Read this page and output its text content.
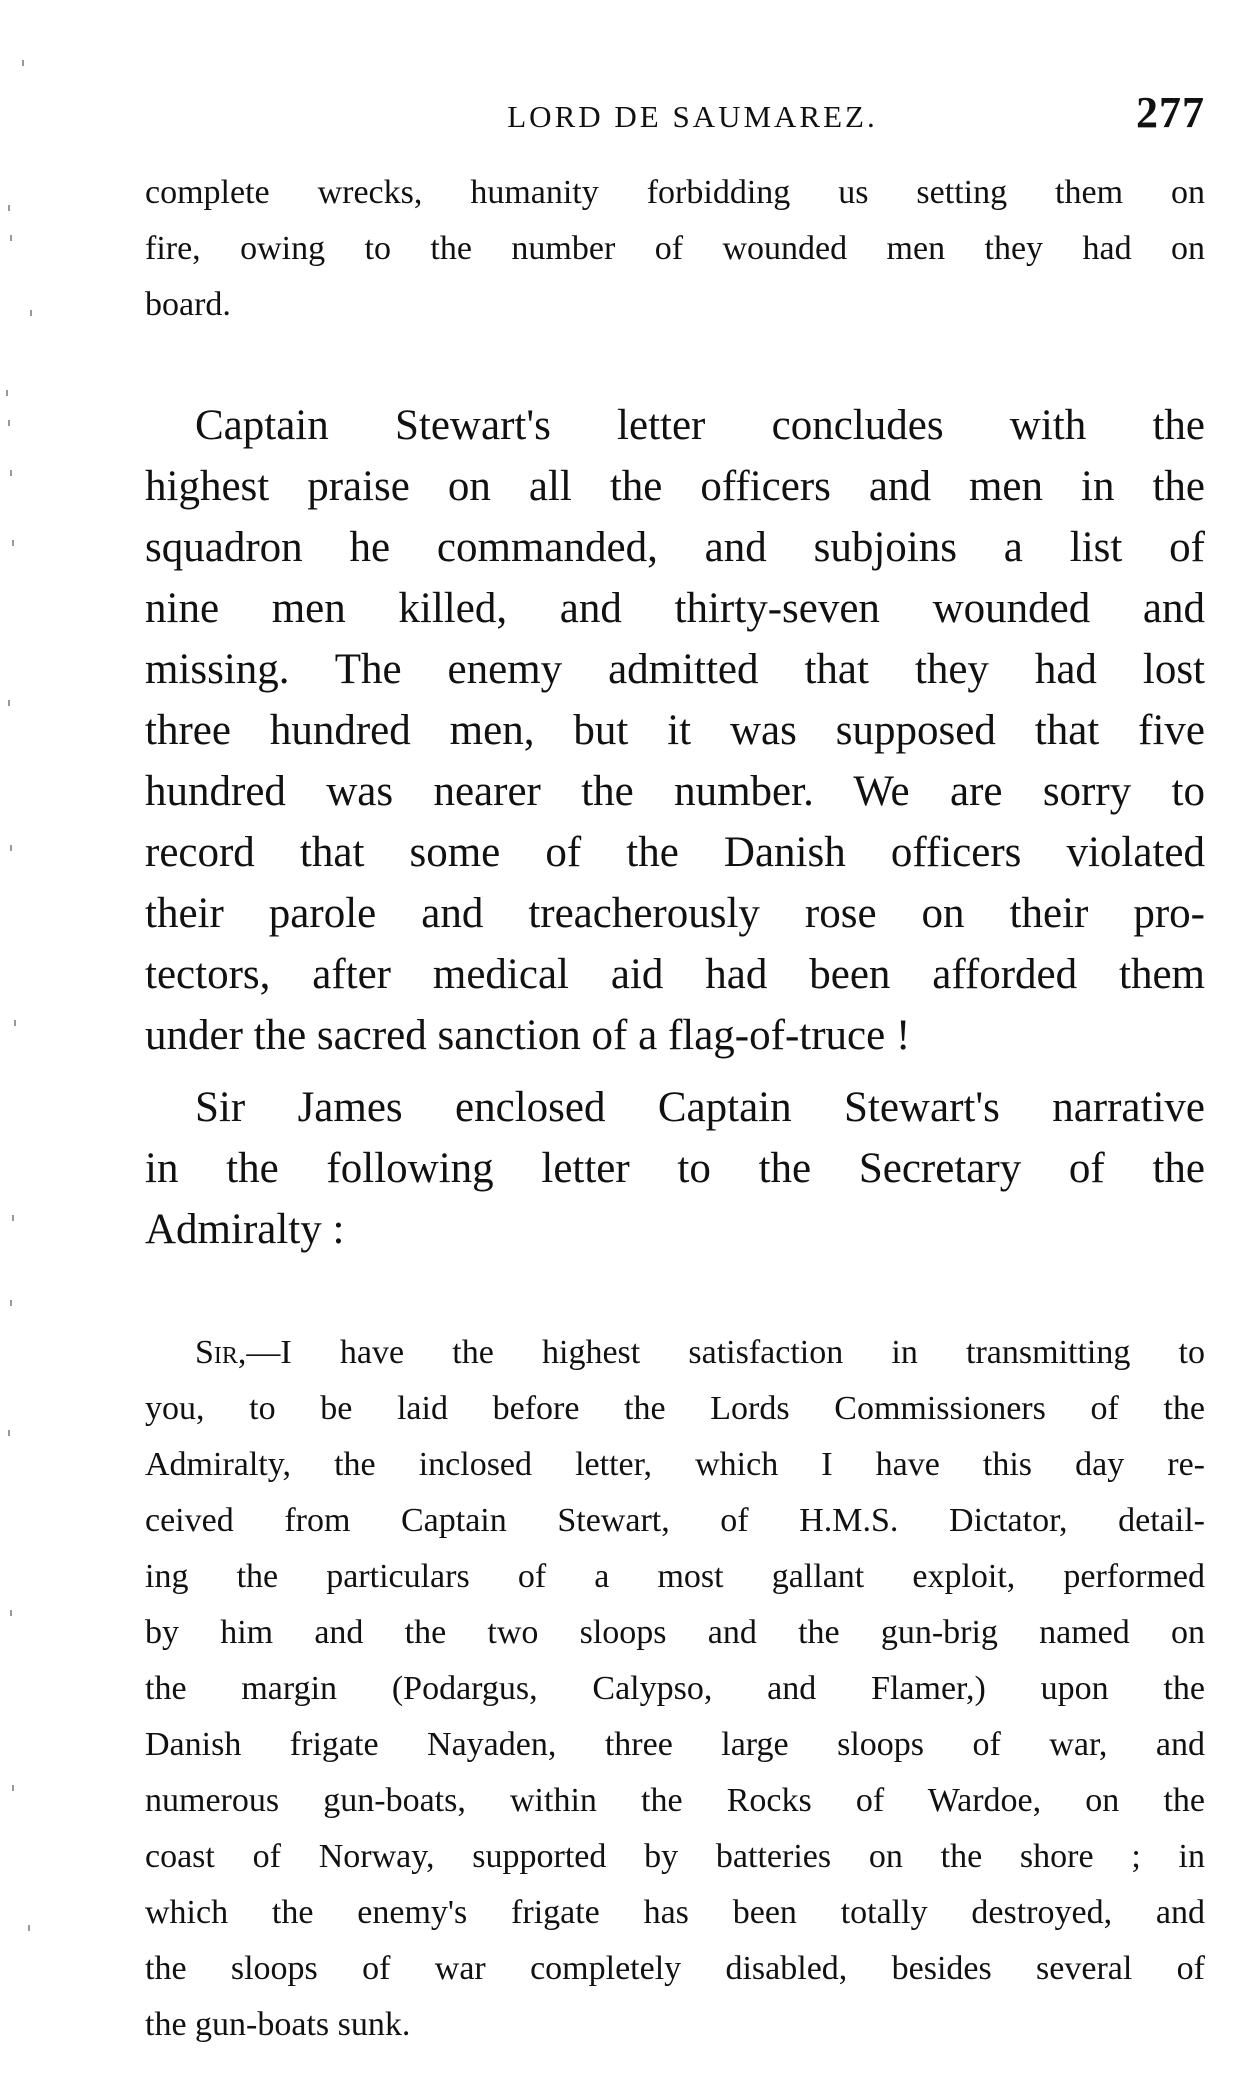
LORD DE SAUMAREZ.	277

complete wrecks, humanity forbidding us setting them on

fire, owing to the number of wounded men they had on

board.

Captain Stewart's letter concludes with the

highest praise on all the officers and men in the

squadron he commanded, and subjoins a list of

nine men killed, and thirty-seven wounded and

missing. The enemy admitted that they had lost

three hundred men, but it was supposed that five

hundred was nearer the number. We are sorry to

record that some of the Danish officers violated

their parole and treacherously rose on their pro-

tectors, after medical aid had been afforded them

under the sacred sanction of a flag-of-truce !

Sir James enclosed Captain Stewart's narrative

in the following letter to the Secretary of the

Admiralty :

Sir,—I have the highest satisfaction in transmitting to

you, to be laid before the Lords Commissioners of the

Admiralty, the inclosed letter, which I have this day re-

ceived from Captain Stewart, of H.M.S. Dictator, detail-

ing the particulars of a most gallant exploit, performed

by him and the two sloops and the gun-brig named on

the margin (Podargus, Calypso, and Flamer,) upon the

Danish frigate Nayaden, three large sloops of war, and

numerous gun-boats, within the Rocks of Wardoe, on the

coast of Norway, supported by batteries on the shore ; in

which the enemy's frigate has been totally destroyed, and

the sloops of war completely disabled, besides several of

the gun-boats sunk.
